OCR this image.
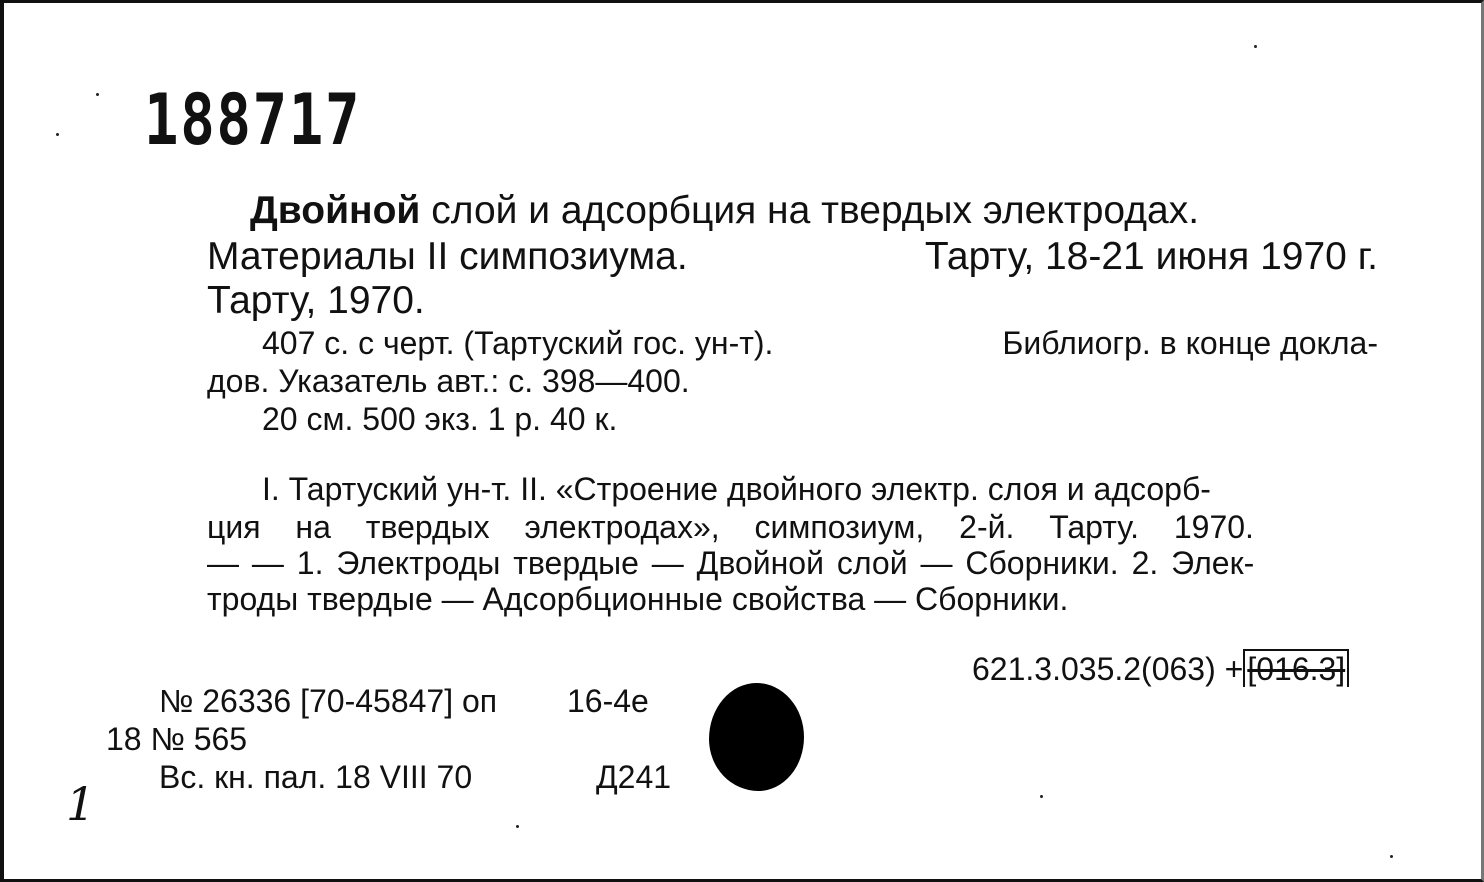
188717
Двойной слой и адсорбция на твердых электродах.
Материалы II симпозиума.	Тарту, 18-21 июня 1970 г.
Тарту, 1970.
407 с. с черт. (Тартуский гос. ун-т).	Библиогр. в конце докла-
дов. Указатель авт.: с. 398—400.
20 см. 500 экз. 1 р. 40 к.
I. Тартуский ун-т. II. «Строение двойного электр. слоя и адсорб-
ция на твердых электродах», симпозиум, 2-й. Тарту. 1970.
— — 1. Электроды твердые — Двойной слой — Сборники. 2. Элек-
троды твердые — Адсорбционные свойства — Сборники.
621.3.035.2(063) + [016.3]
№ 26336 [70-45847] оп 16-4е
18 № 565
Вс. кн. пал. 18 VIII 70	Д241
1
